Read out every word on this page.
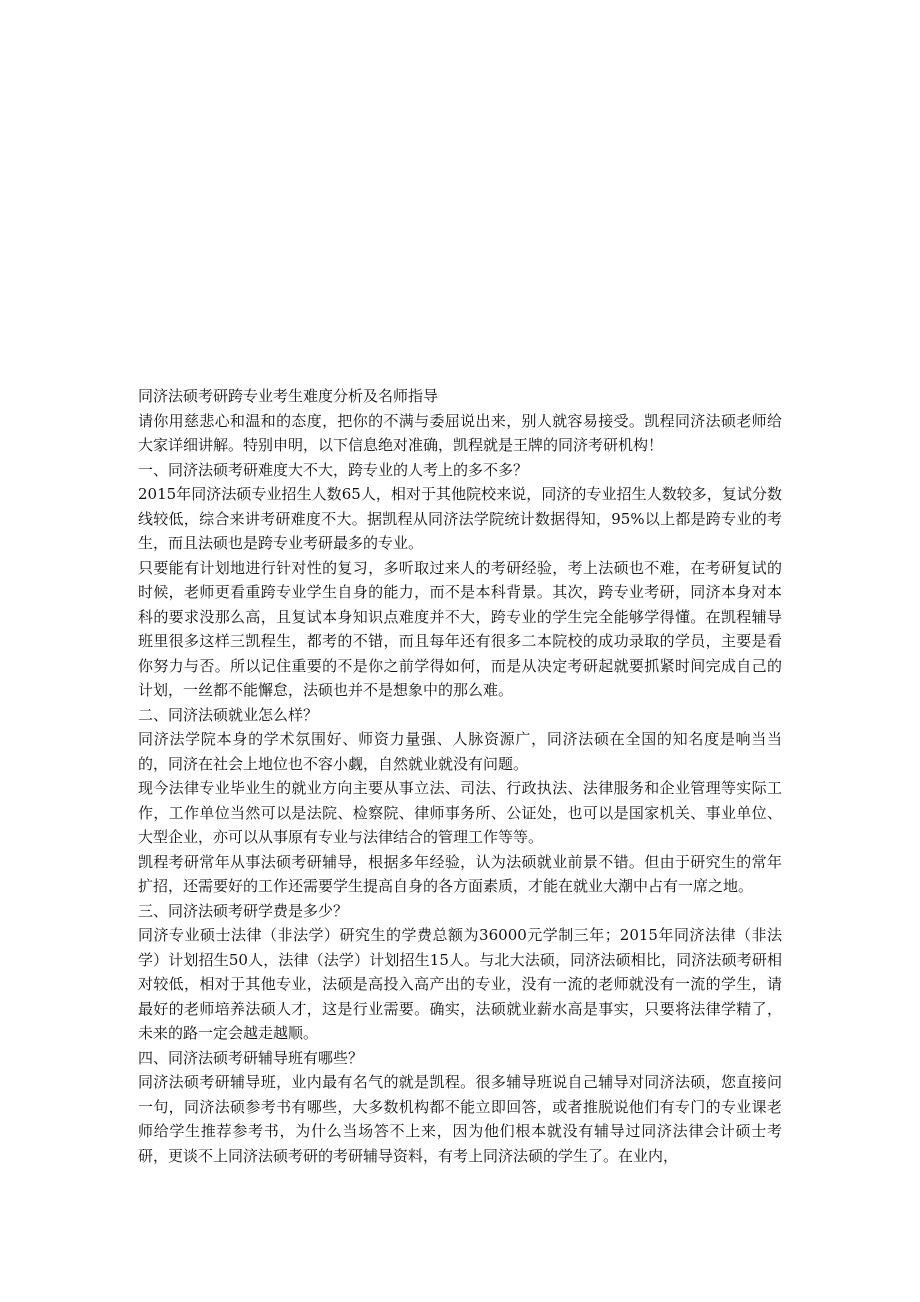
同济法硕考研跨专业考生难度分析及名师指导

请你用慈悲心和温和的态度，把你的不满与委屈说出来，别人就容易接受。凯程同济法硕老师给大家详细讲解。特别申明，以下信息绝对准确，凯程就是王牌的同济考研机构！

一、同济法硕考研难度大不大，跨专业的人考上的多不多？

2015年同济法硕专业招生人数65人，相对于其他院校来说，同济的专业招生人数较多，复试分数线较低，综合来讲考研难度不大。据凯程从同济法学院统计数据得知，95%以上都是跨专业的考生，而且法硕也是跨专业考研最多的专业。

只要能有计划地进行针对性的复习，多听取过来人的考研经验，考上法硕也不难，在考研复试的时候，老师更看重跨专业学生自身的能力，而不是本科背景。其次，跨专业考研，同济本身对本科的要求没那么高，且复试本身知识点难度并不大，跨专业的学生完全能够学得懂。在凯程辅导班里很多这样三凯程生，都考的不错，而且每年还有很多二本院校的成功录取的学员，主要是看你努力与否。所以记住重要的不是你之前学得如何，而是从决定考研起就要抓紧时间完成自己的计划，一丝都不能懈怠，法硕也并不是想象中的那么难。

二、同济法硕就业怎么样？

同济法学院本身的学术氛围好、师资力量强、人脉资源广，同济法硕在全国的知名度是响当当的，同济在社会上地位也不容小觑，自然就业就没有问题。

现今法律专业毕业生的就业方向主要从事立法、司法、行政执法、法律服务和企业管理等实际工作，工作单位当然可以是法院、检察院、律师事务所、公证处，也可以是国家机关、事业单位、大型企业，亦可以从事原有专业与法律结合的管理工作等等。

凯程考研常年从事法硕考研辅导，根据多年经验，认为法硕就业前景不错。但由于研究生的常年扩招，还需要好的工作还需要学生提高自身的各方面素质，才能在就业大潮中占有一席之地。

三、同济法硕考研学费是多少？

同济专业硕士法律（非法学）研究生的学费总额为36000元学制三年；2015年同济法律（非法学）计划招生50人，法律（法学）计划招生15人。与北大法硕，同济法硕相比，同济法硕考研相对较低，相对于其他专业，法硕是高投入高产出的专业，没有一流的老师就没有一流的学生，请最好的老师培养法硕人才，这是行业需要。确实，法硕就业薪水高是事实，只要将法律学精了，未来的路一定会越走越顺。

四、同济法硕考研辅导班有哪些？

同济法硕考研辅导班，业内最有名气的就是凯程。很多辅导班说自己辅导对同济法硕，您直接问一句，同济法硕参考书有哪些，大多数机构都不能立即回答，或者推脱说他们有专门的专业课老师给学生推荐参考书，为什么当场答不上来，因为他们根本就没有辅导过同济法律会计硕士考研，更谈不上同济法硕考研的考研辅导资料，有考上同济法硕的学生了。在业内，
